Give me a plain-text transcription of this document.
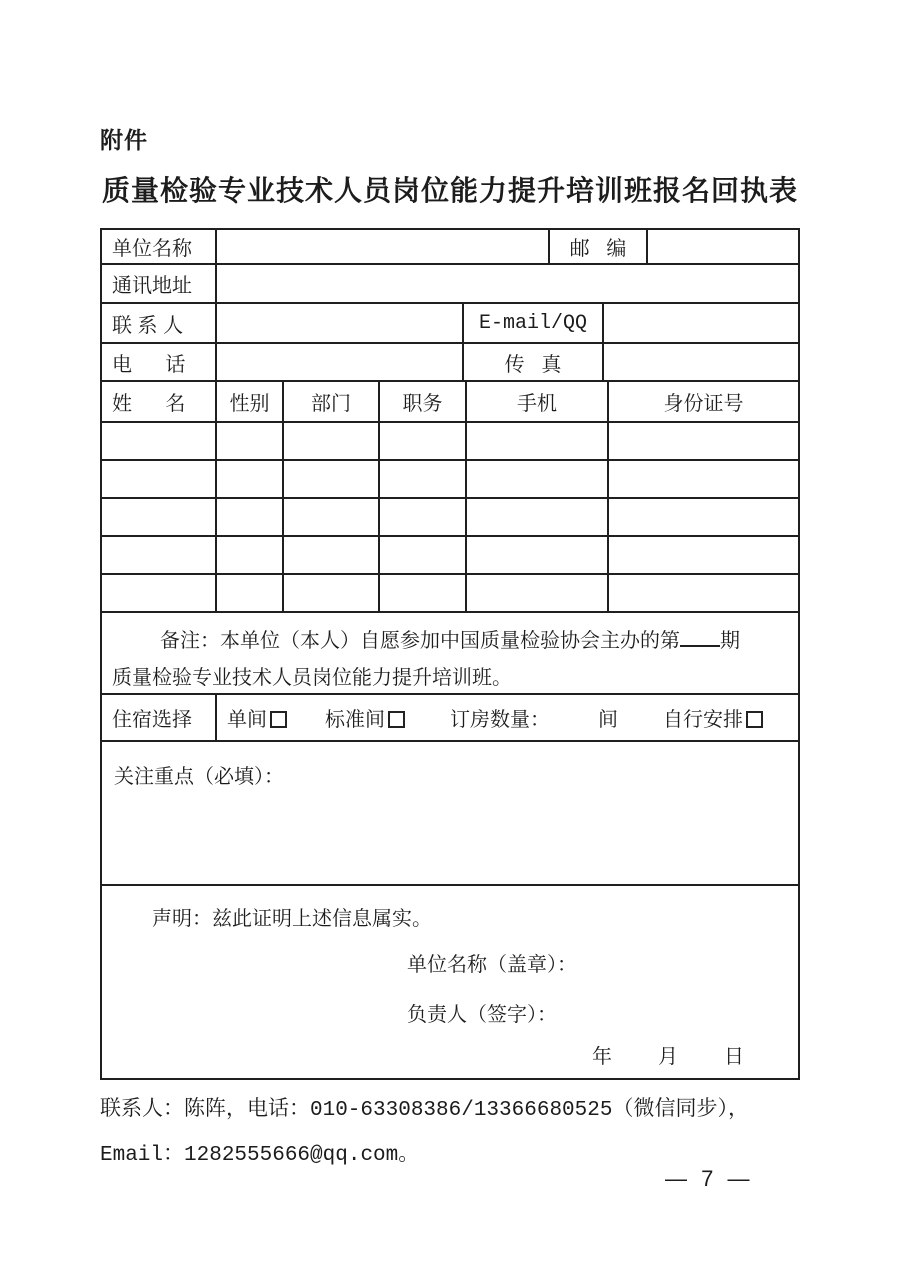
附件
质量检验专业技术人员岗位能力提升培训班报名回执表
单位名称	邮   编
通讯地址
联 系 人	E-mail/QQ
电      话	传   真
姓      名	性别	部门	职务	手机	身份证号
备注：本单位（本人）自愿参加中国质量检验协会主办的第 期
质量检验专业技术人员岗位能力提升培训班。
住宿选择	单间	标准间	订房数量： 间 自行安排
关注重点（必填）：
声明：兹此证明上述信息属实。
单位名称（盖章）：
负责人（签字）：
年　　月　　日

联系人：陈阵，电话：010-63308386/13366680525（微信同步），

Email：1282555666@qq.com。

— 7 —
